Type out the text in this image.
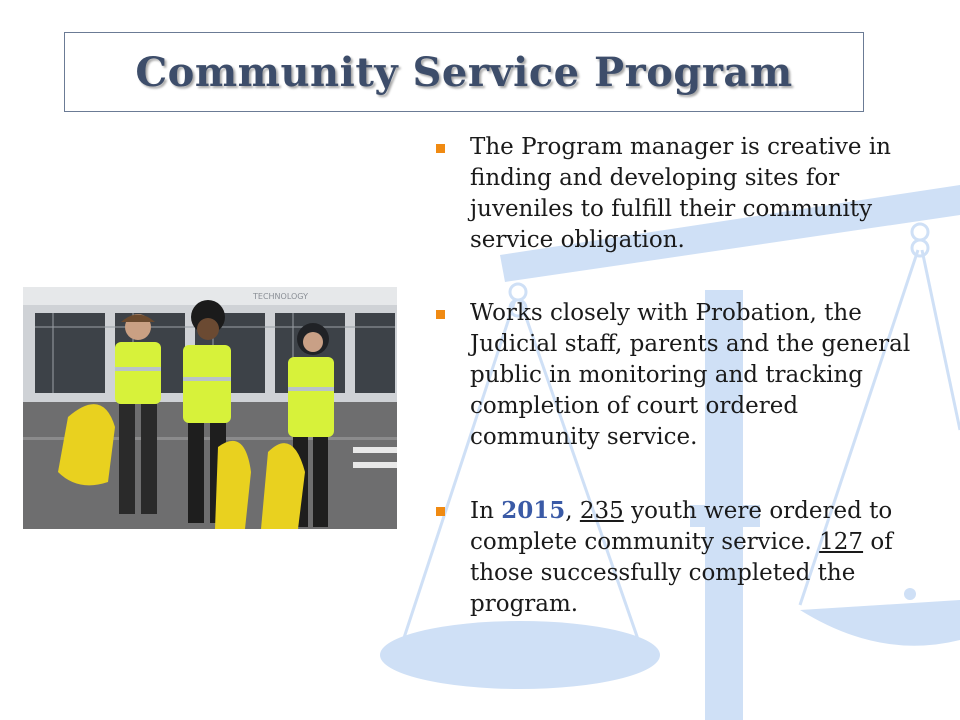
Community Service Program
TECHNOLOGY
The Program manager is creative in finding and developing sites for juveniles to fulfill their community service obligation.
Works closely with Probation, the Judicial staff, parents and the general public in monitoring and tracking completion of court ordered community service.
In 2015, 235 youth were ordered to complete community service. 127 of those successfully completed the program.
